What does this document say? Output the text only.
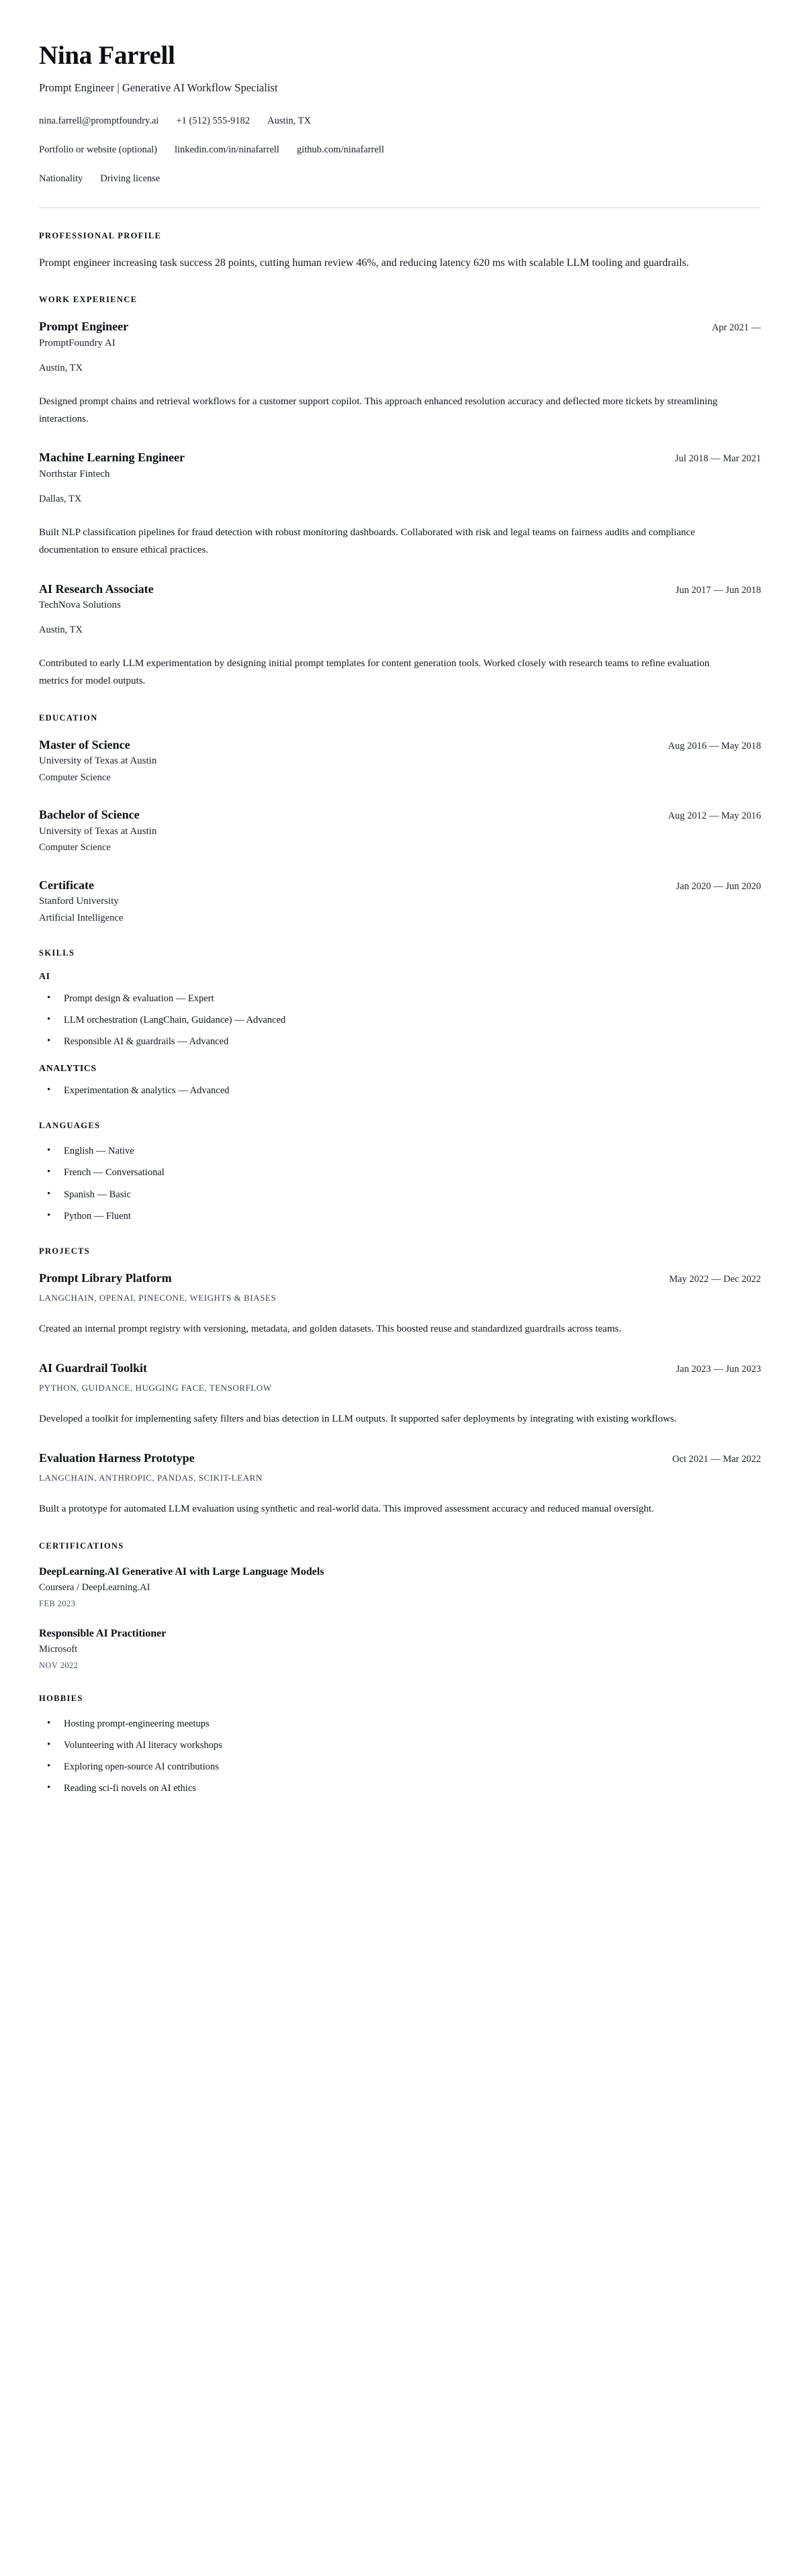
Nina Farrell
Prompt Engineer | Generative AI Workflow Specialist
nina.farrell@promptfoundry.ai +1 (512) 555-9182 Austin, TX
Portfolio or website (optional) linkedin.com/in/ninafarrell github.com/ninafarrell
Nationality Driving license
PROFESSIONAL PROFILE

Prompt engineer increasing task success 28 points, cutting human review 46%, and reducing latency 620 ms with scalable LLM tooling and guardrails.

WORK EXPERIENCE
Prompt Engineer	Apr 2021 —
PromptFoundry AI
Austin, TX

Designed prompt chains and retrieval workflows for a customer support copilot. This approach enhanced resolution accuracy and deflected more tickets by streamlining interactions.

Machine Learning Engineer	Jul 2018 — Mar 2021
Northstar Fintech
Dallas, TX

Built NLP classification pipelines for fraud detection with robust monitoring dashboards. Collaborated with risk and legal teams on fairness audits and compliance documentation to ensure ethical practices.

AI Research Associate	Jun 2017 — Jun 2018
TechNova Solutions
Austin, TX

Contributed to early LLM experimentation by designing initial prompt templates for content generation tools. Worked closely with research teams to refine evaluation metrics for model outputs.

EDUCATION
Master of Science	Aug 2016 — May 2018
University of Texas at Austin
Computer Science
Bachelor of Science	Aug 2012 — May 2016
University of Texas at Austin
Computer Science
Certificate	Jan 2020 — Jun 2020
Stanford University
Artificial Intelligence
SKILLS
AI
• Prompt design & evaluation — Expert
• LLM orchestration (LangChain, Guidance) — Advanced
• Responsible AI & guardrails — Advanced
ANALYTICS
• Experimentation & analytics — Advanced
LANGUAGES
• English — Native
• French — Conversational
• Spanish — Basic
• Python — Fluent
PROJECTS
Prompt Library Platform	May 2022 — Dec 2022
LANGCHAIN, OPENAI, PINECONE, WEIGHTS & BIASES

Created an internal prompt registry with versioning, metadata, and golden datasets. This boosted reuse and standardized guardrails across teams.

AI Guardrail Toolkit	Jan 2023 — Jun 2023
PYTHON, GUIDANCE, HUGGING FACE, TENSORFLOW

Developed a toolkit for implementing safety filters and bias detection in LLM outputs. It supported safer deployments by integrating with existing workflows.

Evaluation Harness Prototype	Oct 2021 — Mar 2022
LANGCHAIN, ANTHROPIC, PANDAS, SCIKIT-LEARN

Built a prototype for automated LLM evaluation using synthetic and real-world data. This improved assessment accuracy and reduced manual oversight.

CERTIFICATIONS
DeepLearning.AI Generative AI with Large Language Models
Coursera / DeepLearning.AI
FEB 2023
Responsible AI Practitioner
Microsoft
NOV 2022
HOBBIES
• Hosting prompt-engineering meetups
• Volunteering with AI literacy workshops
• Exploring open-source AI contributions
• Reading sci-fi novels on AI ethics
